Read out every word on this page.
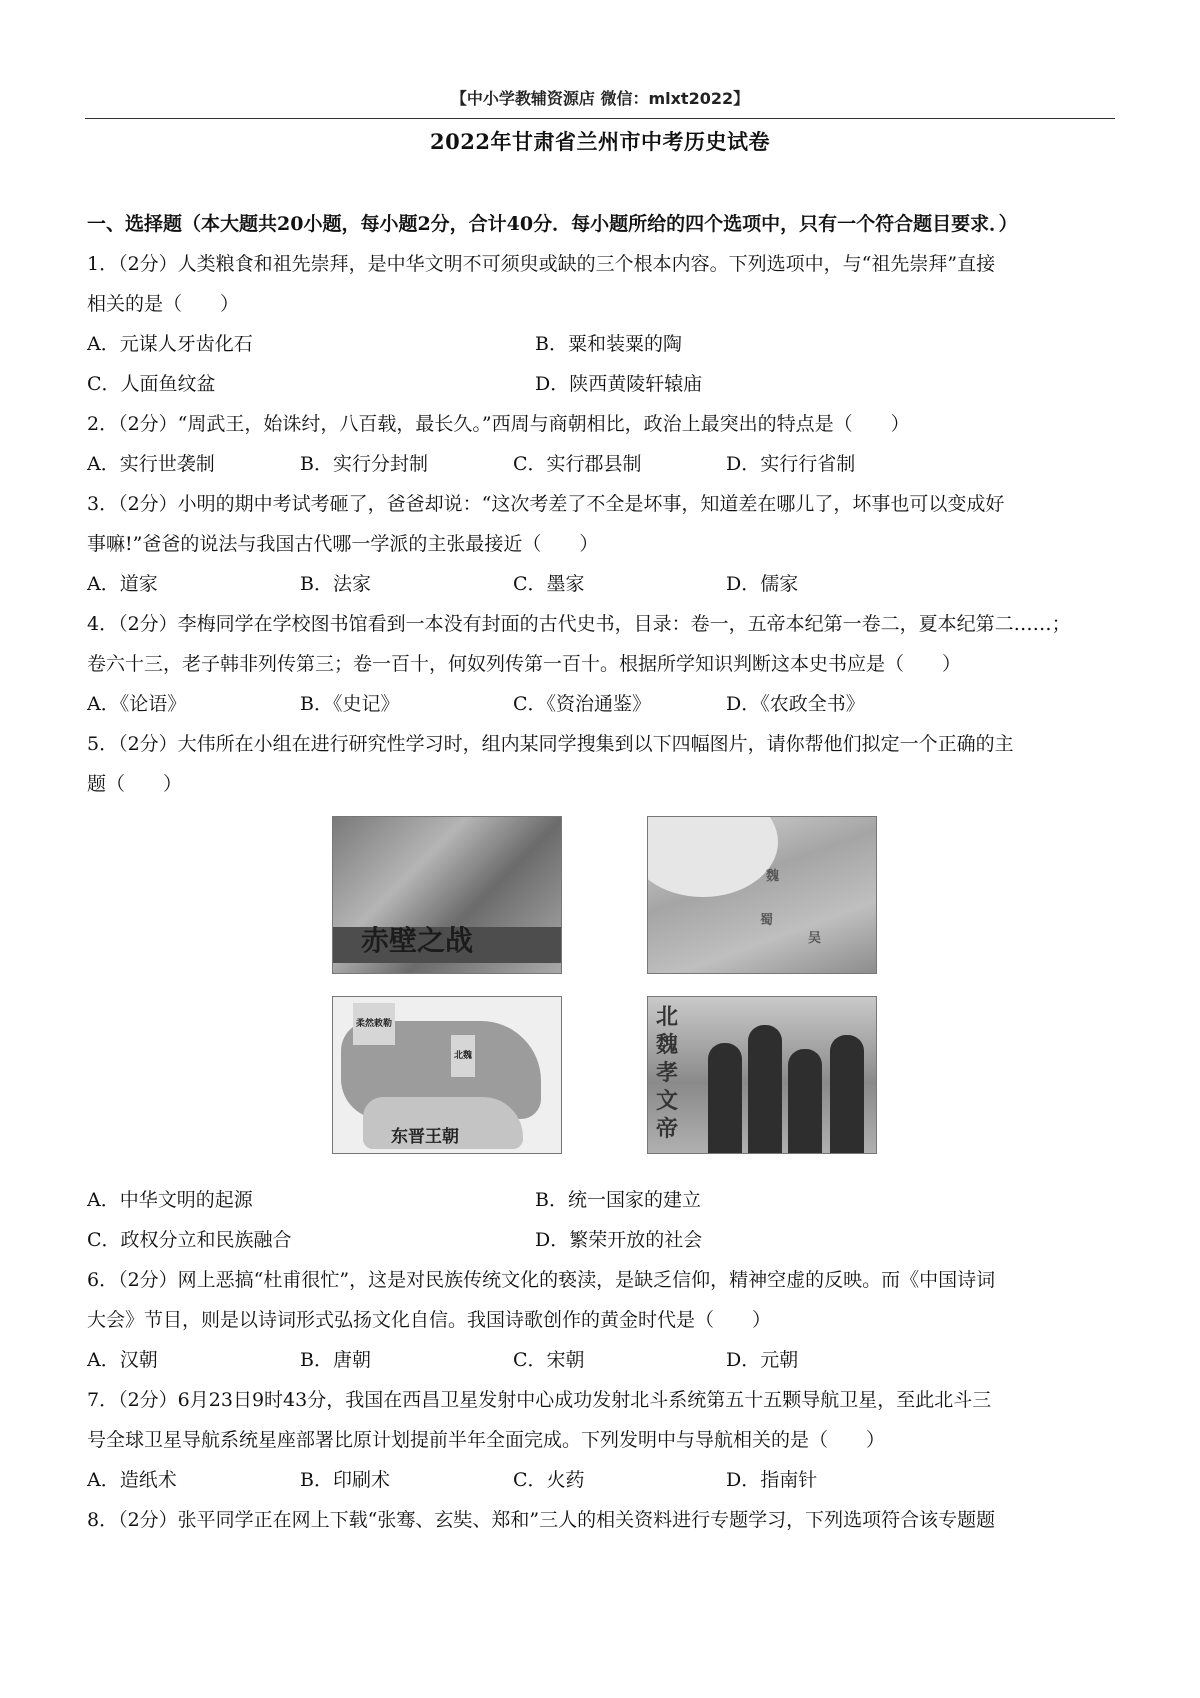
【中小学教辅资源店 微信：mlxt2022】
2022年甘肃省兰州市中考历史试卷
一、选择题（本大题共20小题，每小题2分，合计40分．每小题所给的四个选项中，只有一个符合题目要求．）
1．（2分）人类粮食和祖先崇拜，是中华文明不可须臾或缺的三个根本内容。下列选项中，与“祖先崇拜”直接
相关的是（　　）
A．元谋人牙齿化石	B．粟和装粟的陶
C．人面鱼纹盆	D．陕西黄陵轩辕庙
2．（2分）“周武王，始诛纣，八百载，最长久。”西周与商朝相比，政治上最突出的特点是（　　）
A．实行世袭制	B．实行分封制	C．实行郡县制	D．实行行省制
3．（2分）小明的期中考试考砸了，爸爸却说：“这次考差了不全是坏事，知道差在哪儿了，坏事也可以变成好
事嘛!”爸爸的说法与我国古代哪一学派的主张最接近（　　）
A．道家	B．法家	C．墨家	D．儒家
4．（2分）李梅同学在学校图书馆看到一本没有封面的古代史书，目录：卷一，五帝本纪第一卷二，夏本纪第二……；
卷六十三，老子韩非列传第三；卷一百十，何奴列传第一百十。根据所学知识判断这本史书应是（　　）
A．《论语》	B．《史记》	C．《资治通鉴》	D．《农政全书》
5．（2分）大伟所在小组在进行研究性学习时，组内某同学搜集到以下四幅图片，请你帮他们拟定一个正确的主
题（　　）
赤壁之战
魏
蜀
吴
柔然敕勒
北魏
东晋王朝
北魏孝文帝
A．中华文明的起源	B．统一国家的建立
C．政权分立和民族融合	D．繁荣开放的社会
6．（2分）网上恶搞“杜甫很忙”，这是对民族传统文化的亵渎，是缺乏信仰，精神空虚的反映。而《中国诗词
大会》节目，则是以诗词形式弘扬文化自信。我国诗歌创作的黄金时代是（　　）
A．汉朝	B．唐朝	C．宋朝	D．元朝
7．（2分）6月23日9时43分，我国在西昌卫星发射中心成功发射北斗系统第五十五颗导航卫星，至此北斗三
号全球卫星导航系统星座部署比原计划提前半年全面完成。下列发明中与导航相关的是（　　）
A．造纸术	B．印刷术	C．火药	D．指南针
8．（2分）张平同学正在网上下载“张骞、玄奘、郑和”三人的相关资料进行专题学习，下列选项符合该专题题
